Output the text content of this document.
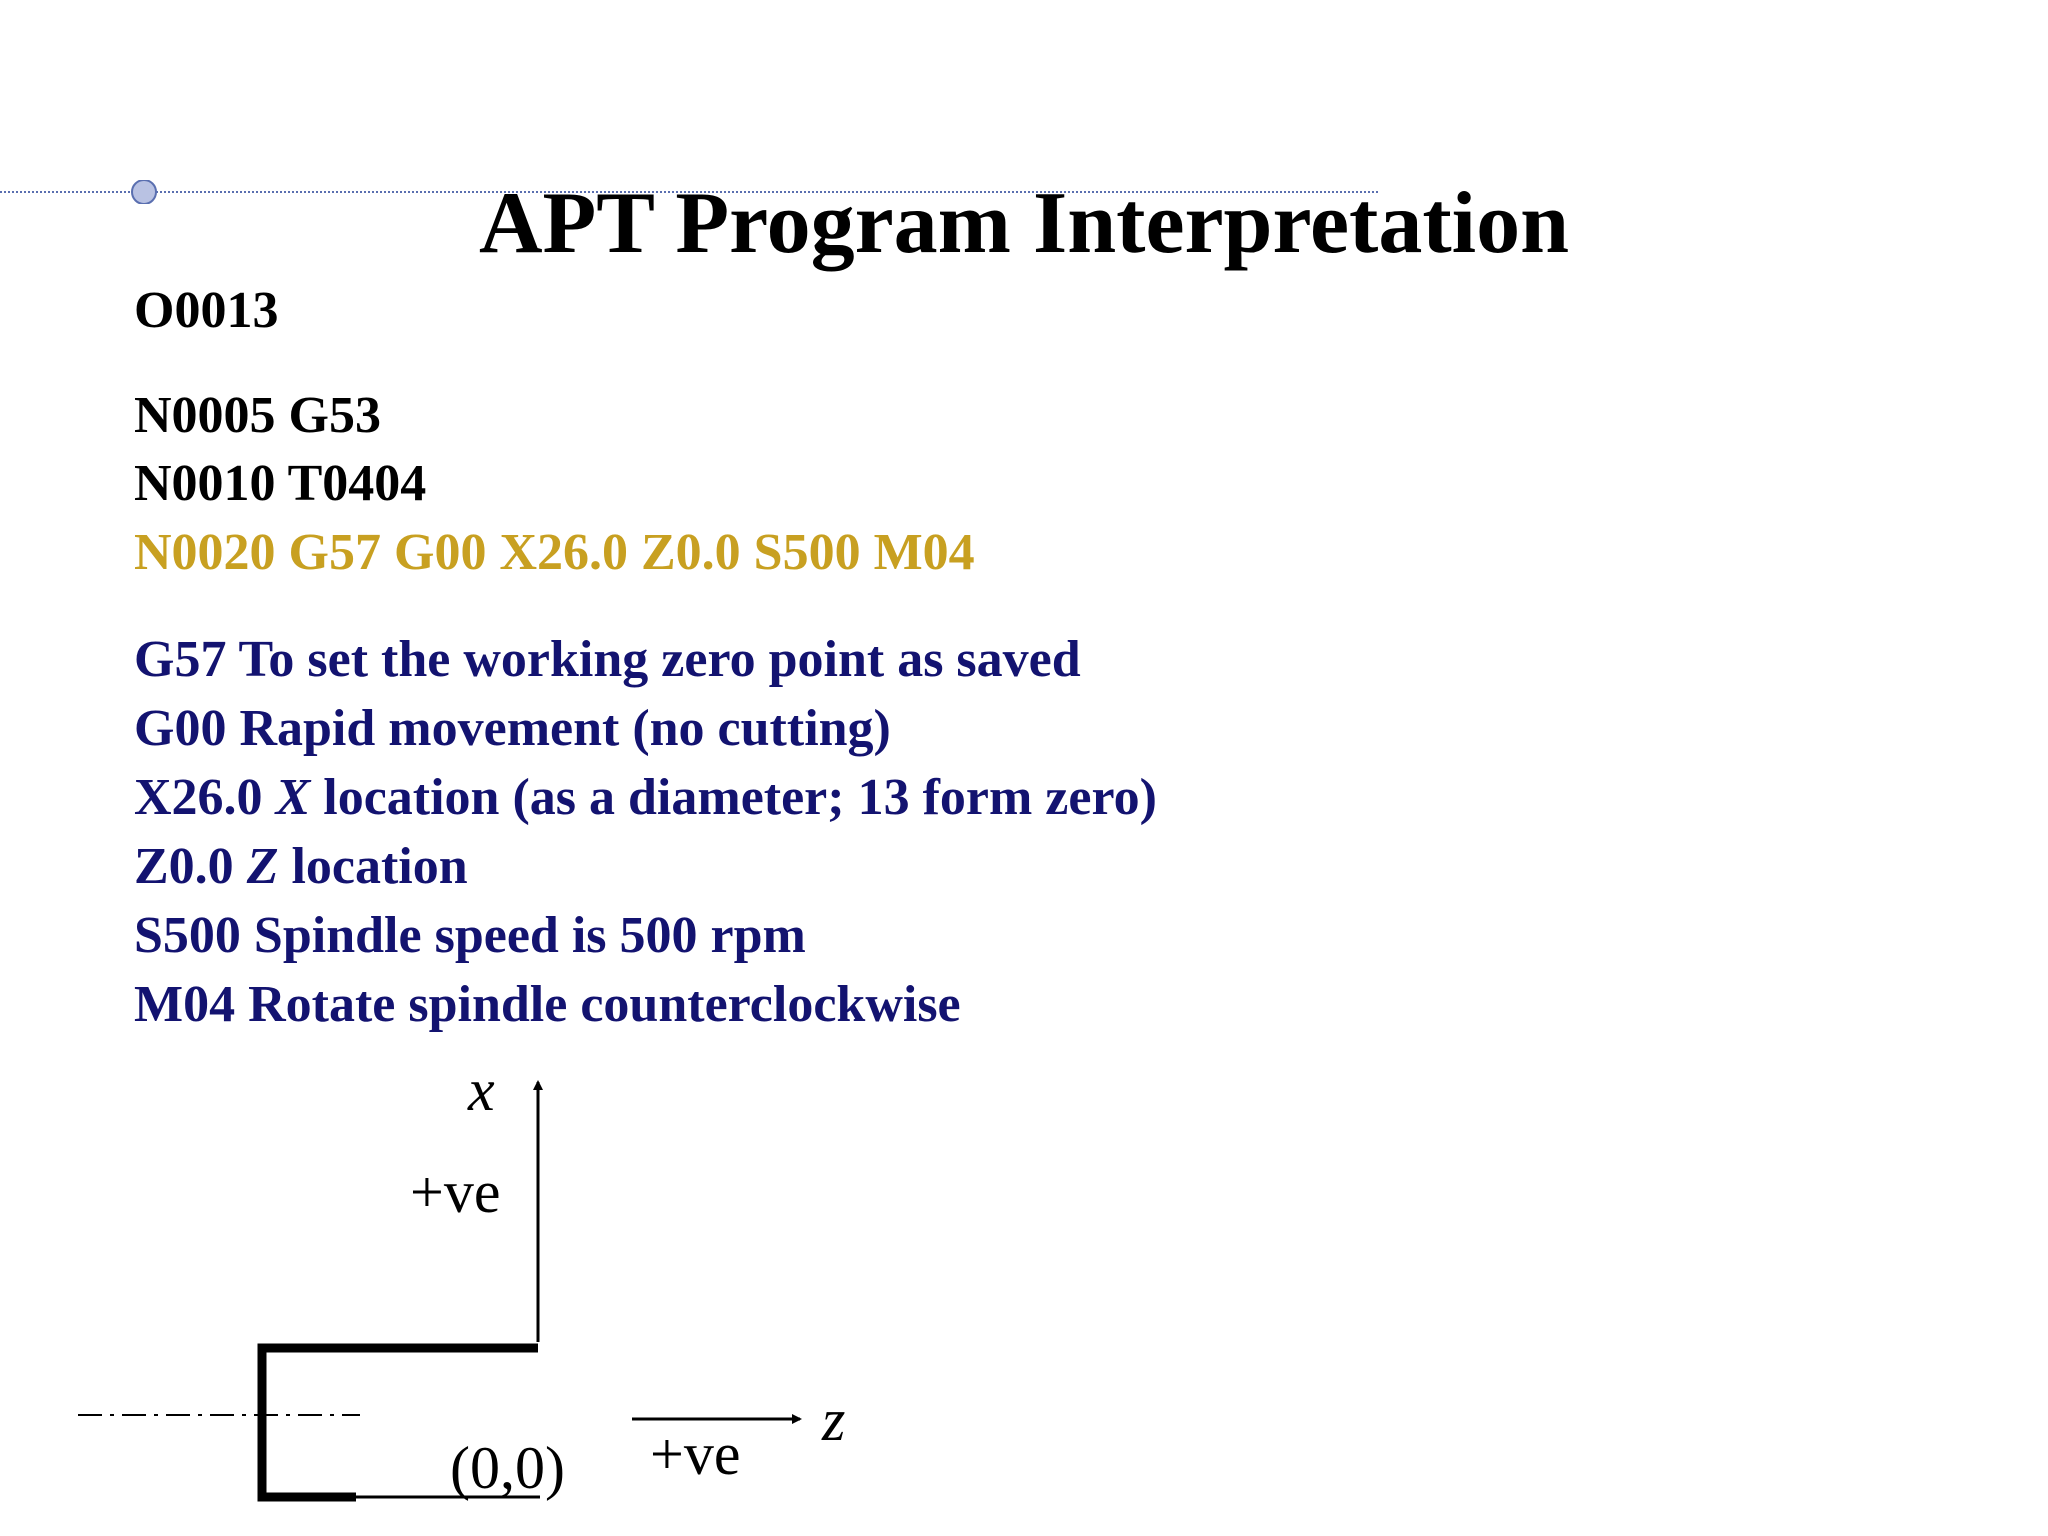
APT Program Interpretation
O0013
N0005 G53
N0010 T0404
N0020 G57 G00 X26.0 Z0.0 S500 M04
G57 To set the working zero point as saved
G00 Rapid movement (no cutting)
X26.0 X location (as a diameter; 13 form zero)
Z0.0 Z location
S500 Spindle speed is 500 rpm
M04 Rotate spindle counterclockwise
x
+ve
z
+ve
(0,0)
